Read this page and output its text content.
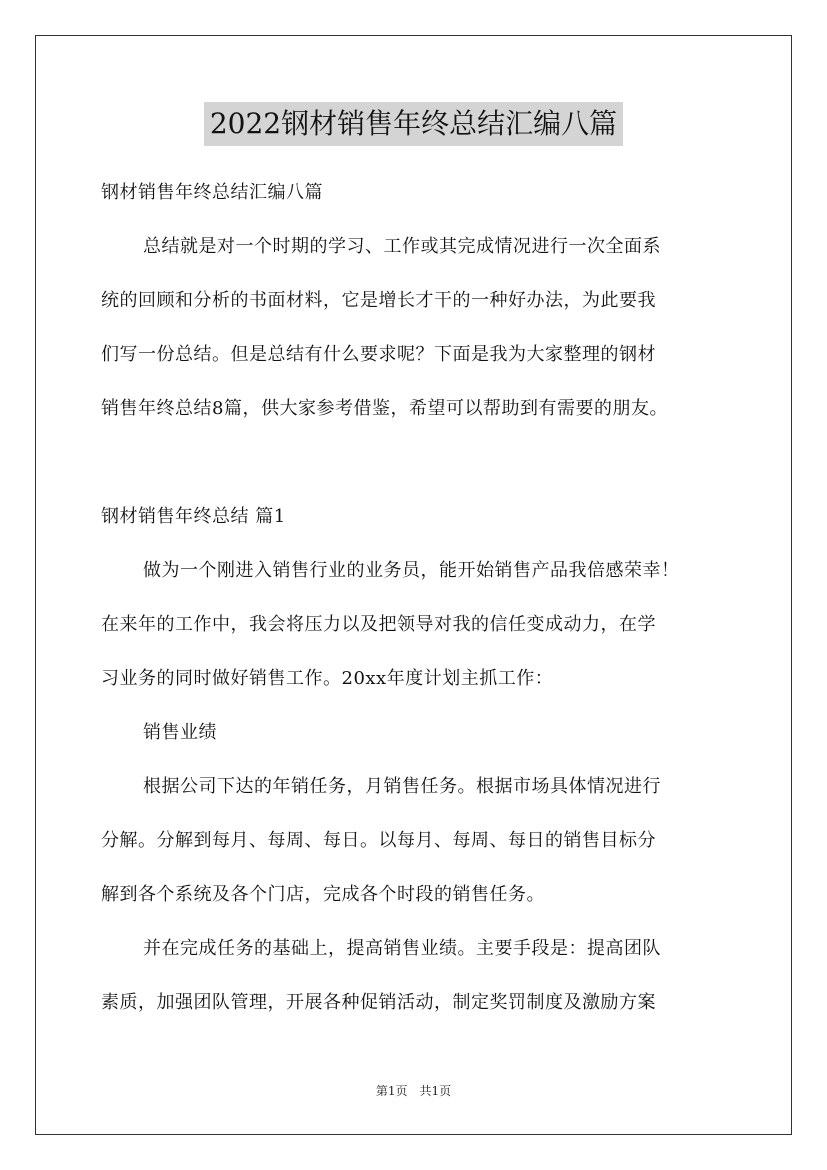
2022钢材销售年终总结汇编八篇
钢材销售年终总结汇编八篇
总结就是对一个时期的学习、工作或其完成情况进行一次全面系
统的回顾和分析的书面材料，它是增长才干的一种好办法，为此要我
们写一份总结。但是总结有什么要求呢？下面是我为大家整理的钢材
销售年终总结8篇，供大家参考借鉴，希望可以帮助到有需要的朋友。
钢材销售年终总结 篇1
做为一个刚进入销售行业的业务员，能开始销售产品我倍感荣幸！
在来年的工作中，我会将压力以及把领导对我的信任变成动力，在学
习业务的同时做好销售工作。20xx年度计划主抓工作：
销售业绩
根据公司下达的年销任务，月销售任务。根据市场具体情况进行
分解。分解到每月、每周、每日。以每月、每周、每日的销售目标分
解到各个系统及各个门店，完成各个时段的销售任务。
并在完成任务的基础上，提高销售业绩。主要手段是：提高团队
素质，加强团队管理，开展各种促销活动，制定奖罚制度及激励方案
第1页 共1页
